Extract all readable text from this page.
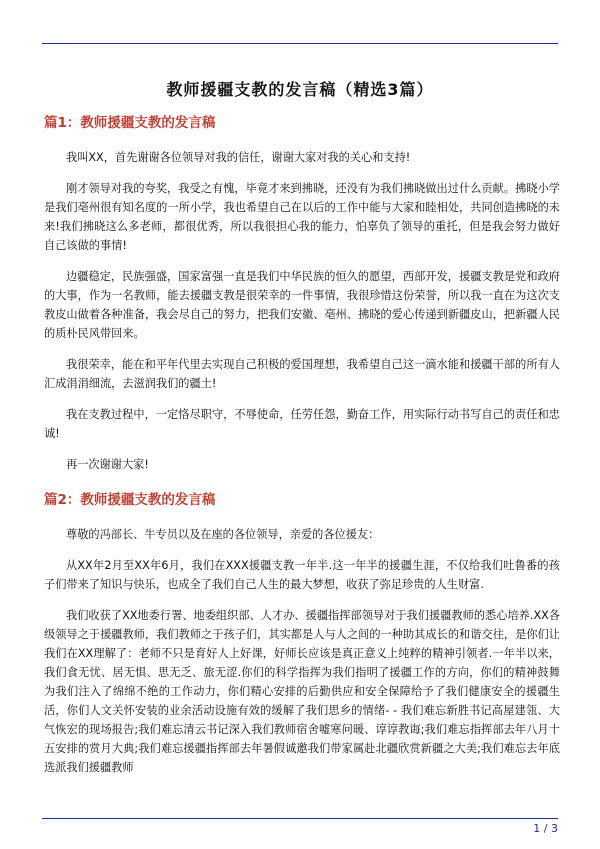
教师援疆支教的发言稿（精选3篇）
篇1：教师援疆支教的发言稿

我叫XX，首先谢谢各位领导对我的信任，谢谢大家对我的关心和支持!

刚才领导对我的夸奖，我受之有愧，毕竟才来到拂晓，还没有为我们拂晓做出过什么贡献。拂晓小学是我们亳州很有知名度的一所小学，我也希望自己在以后的工作中能与大家和睦相处，共同创造拂晓的未来!我们拂晓这么多老师，都很优秀，所以我很担心我的能力，怕辜负了领导的重托，但是我会努力做好自己该做的事情!

边疆稳定，民族强盛，国家富强一直是我们中华民族的恒久的愿望，西部开发，援疆支教是党和政府的大事，作为一名教师，能去援疆支教是很荣幸的一件事情，我很珍惜这份荣誉，所以我一直在为这次支教皮山做着各种准备，我会尽自己的努力，把我们安徽、亳州、拂晓的爱心传递到新疆皮山，把新疆人民的质朴民风带回来。

我很荣幸，能在和平年代里去实现自己积极的爱国理想，我希望自己这一滴水能和援疆干部的所有人汇成涓涓细流，去滋润我们的疆土!

我在支教过程中，一定恪尽职守，不辱使命，任劳任怨，勤奋工作，用实际行动书写自己的责任和忠诚!

再一次谢谢大家!

篇2：教师援疆支教的发言稿

尊敬的冯部长、牛专员以及在座的各位领导，亲爱的各位援友：

从XX年2月至XX年6月，我们在XXX援疆支教一年半.这一年半的援疆生涯，不仅给我们吐鲁番的孩子们带来了知识与快乐，也成全了我们自己人生的最大梦想，收获了弥足珍贵的人生财富.

我们收获了XX地委行署、地委组织部、人才办、援疆指挥部领导对于我们援疆教师的悉心培养.XX各级领导之于援疆教师，我们教师之于孩子们，其实都是人与人之间的一种助其成长的和谐交往，是你们让我们在XX理解了：老师不只是育好人上好课，好师长应该是真正意义上纯粹的精神引领者.一年半以来，我们食无忧、居无惧、思无乏、旅无涩.你们的科学指挥为我们指明了援疆工作的方向，你们的精神鼓舞为我们注入了绵绵不绝的工作动力，你们精心安排的后勤供应和安全保障给予了我们健康安全的援疆生活，你们人文关怀安装的业余活动设施有效的缓解了我们思乡的情绪- - 我们难忘新胜书记高屋建瓴、大气恢宏的现场报告;我们难忘清云书记深入我们教师宿舍嘘寒问暖、谆谆教诲;我们难忘指挥部去年八月十五安排的赏月大典;我们难忘援疆指挥部去年暑假诚邀我们带家属赴北疆欣赏新疆之大美;我们难忘去年底选派我们援疆教师

1 / 3
